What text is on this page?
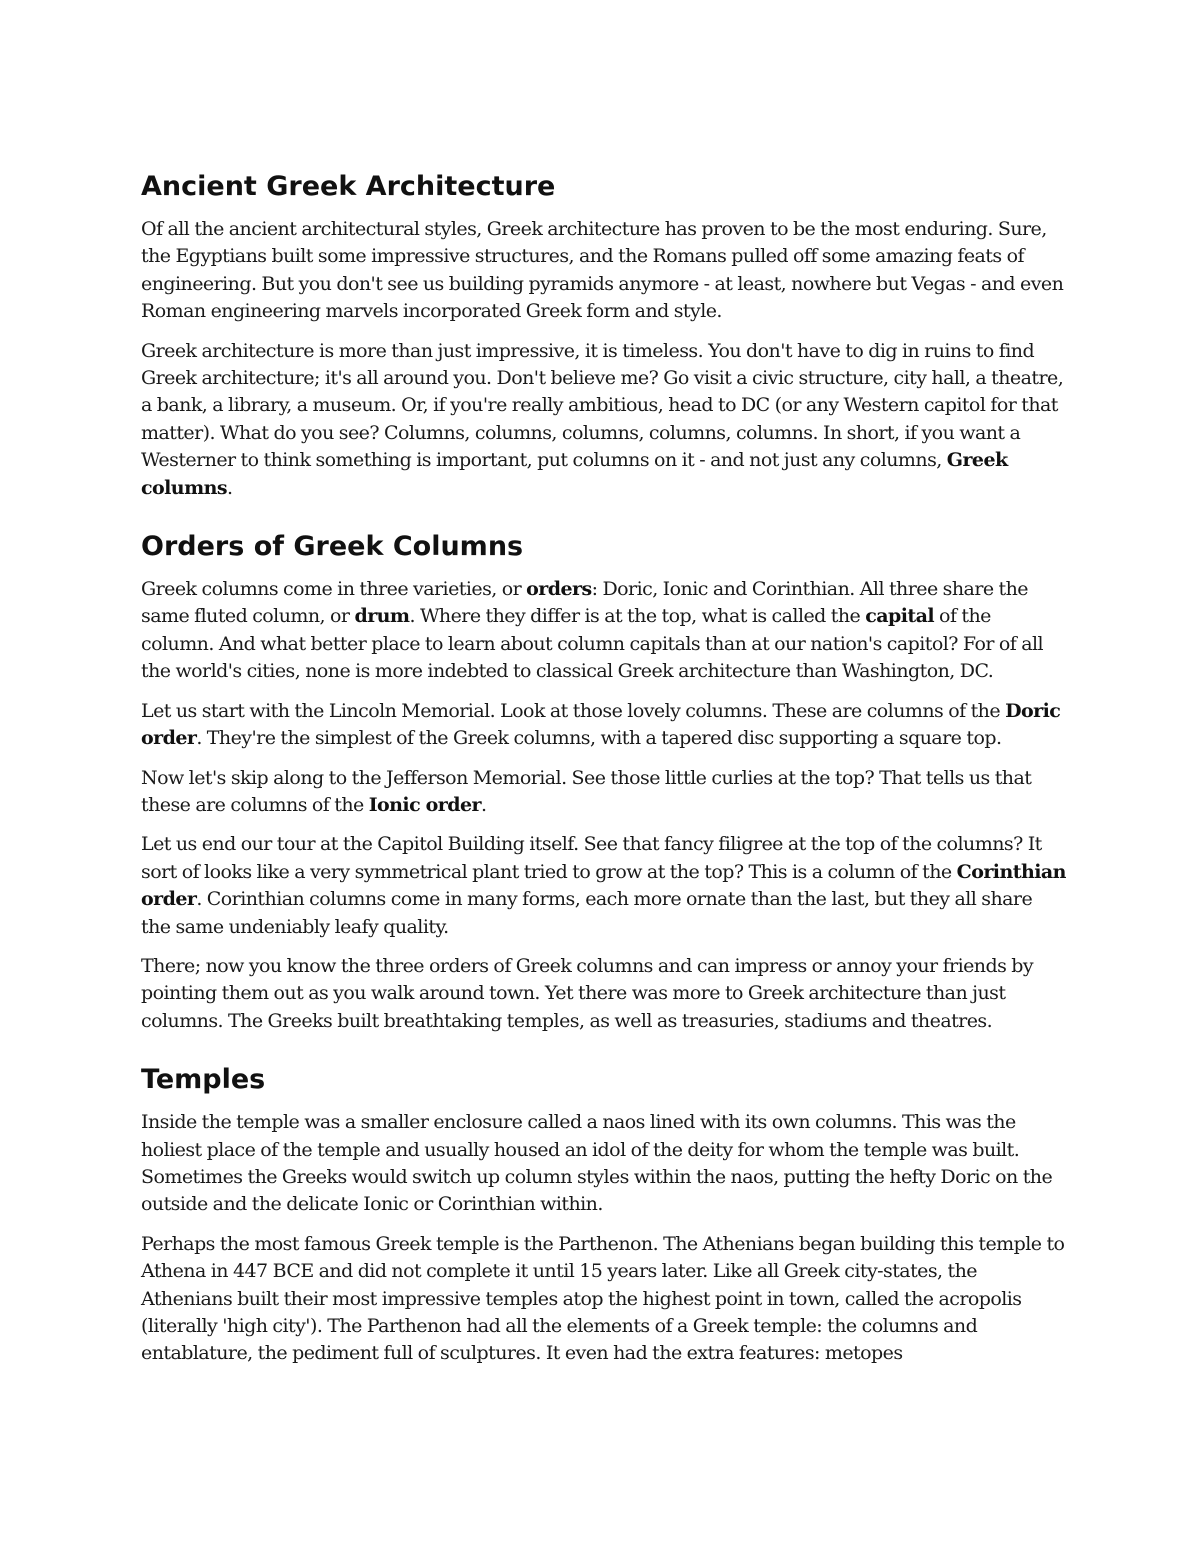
Ancient Greek Architecture

Of all the ancient architectural styles, Greek architecture has proven to be the most enduring. Sure, the Egyptians built some impressive structures, and the Romans pulled off some amazing feats of engineering. But you don't see us building pyramids anymore - at least, nowhere but Vegas - and even Roman engineering marvels incorporated Greek form and style.

Greek architecture is more than just impressive, it is timeless. You don't have to dig in ruins to find Greek architecture; it's all around you. Don't believe me? Go visit a civic structure, city hall, a theatre, a bank, a library, a museum. Or, if you're really ambitious, head to DC (or any Western capitol for that matter). What do you see? Columns, columns, columns, columns, columns. In short, if you want a Westerner to think something is important, put columns on it - and not just any columns, Greek columns.

Orders of Greek Columns

Greek columns come in three varieties, or orders: Doric, Ionic and Corinthian. All three share the same fluted column, or drum. Where they differ is at the top, what is called the capital of the column. And what better place to learn about column capitals than at our nation's capitol? For of all the world's cities, none is more indebted to classical Greek architecture than Washington, DC.

Let us start with the Lincoln Memorial. Look at those lovely columns. These are columns of the Doric order. They're the simplest of the Greek columns, with a tapered disc supporting a square top.

Now let's skip along to the Jefferson Memorial. See those little curlies at the top? That tells us that these are columns of the Ionic order.

Let us end our tour at the Capitol Building itself. See that fancy filigree at the top of the columns? It sort of looks like a very symmetrical plant tried to grow at the top? This is a column of the Corinthian order. Corinthian columns come in many forms, each more ornate than the last, but they all share the same undeniably leafy quality.

There; now you know the three orders of Greek columns and can impress or annoy your friends by pointing them out as you walk around town. Yet there was more to Greek architecture than just columns. The Greeks built breathtaking temples, as well as treasuries, stadiums and theatres.

Temples

Inside the temple was a smaller enclosure called a naos lined with its own columns. This was the holiest place of the temple and usually housed an idol of the deity for whom the temple was built. Sometimes the Greeks would switch up column styles within the naos, putting the hefty Doric on the outside and the delicate Ionic or Corinthian within.

Perhaps the most famous Greek temple is the Parthenon. The Athenians began building this temple to Athena in 447 BCE and did not complete it until 15 years later. Like all Greek city-states, the Athenians built their most impressive temples atop the highest point in town, called the acropolis (literally 'high city'). The Parthenon had all the elements of a Greek temple: the columns and entablature, the pediment full of sculptures. It even had the extra features: metopes
